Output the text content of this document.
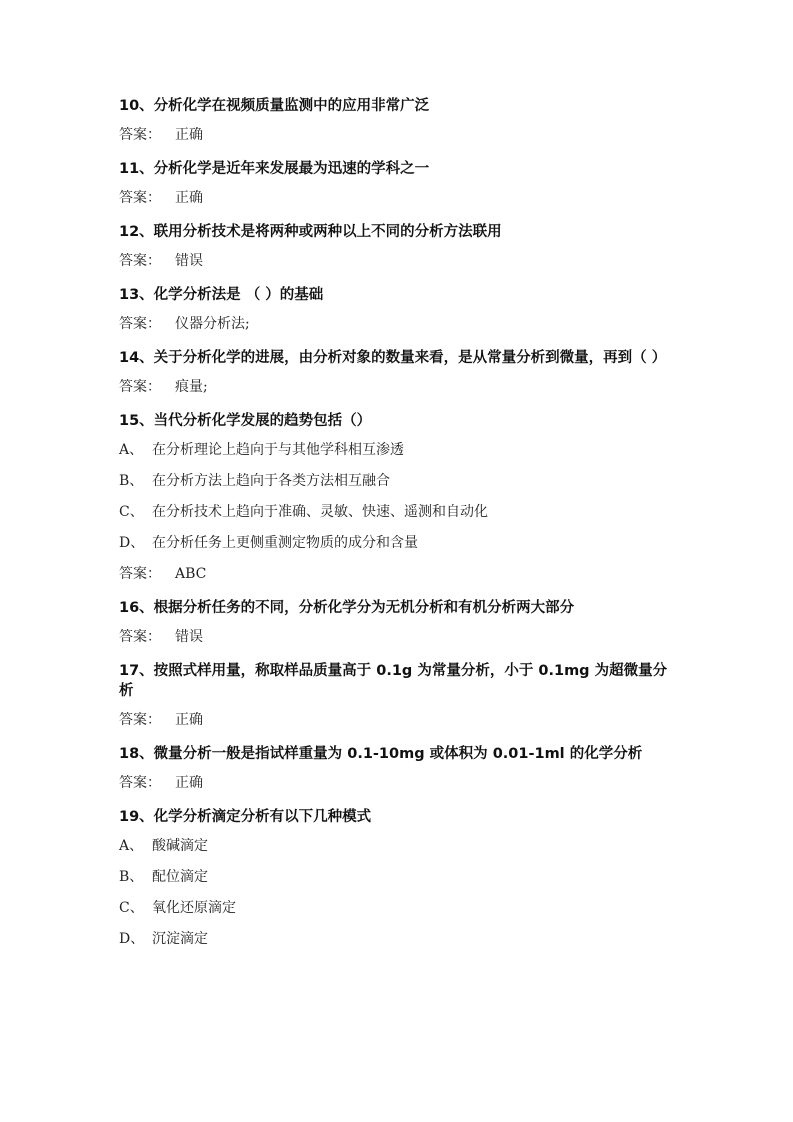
10、分析化学在视频质量监测中的应用非常广泛
答案： 正确
11、分析化学是近年来发展最为迅速的学科之一
答案： 正确
12、联用分析技术是将两种或两种以上不同的分析方法联用
答案： 错误
13、化学分析法是 （ ）的基础
答案： 仪器分析法;
14、关于分析化学的进展，由分析对象的数量来看，是从常量分析到微量，再到（ ）
答案： 痕量;
15、当代分析化学发展的趋势包括（）
A、 在分析理论上趋向于与其他学科相互渗透
B、 在分析方法上趋向于各类方法相互融合
C、 在分析技术上趋向于准确、灵敏、快速、遥测和自动化
D、 在分析任务上更侧重测定物质的成分和含量
答案： ABC
16、根据分析任务的不同，分析化学分为无机分析和有机分析两大部分
答案： 错误
17、按照式样用量，称取样品质量高于 0.1g 为常量分析，小于 0.1mg 为超微量分析
答案： 正确
18、微量分析一般是指试样重量为 0.1-10mg 或体积为 0.01-1ml 的化学分析
答案： 正确
19、化学分析滴定分析有以下几种模式
A、 酸碱滴定
B、 配位滴定
C、 氧化还原滴定
D、 沉淀滴定
